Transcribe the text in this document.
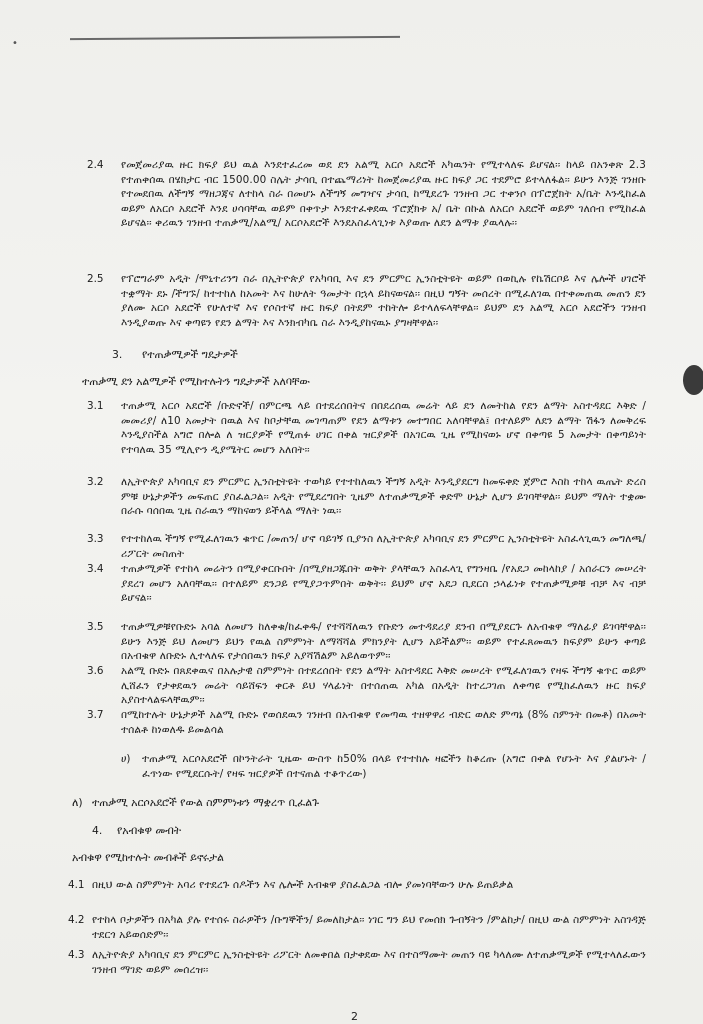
•
2.4 የመጀመሪያዉ ዙር ክፍያ ይህ ዉል እንደተፈረመ ወደ ደን አልሚ አርሶ አደሮች አካዉንት የሚተላለፍ ይሆናል፡፡ ከላይ በአንቀጽ 2.3 የተጠቀሰዉ በሄክታር ብር 1500.00 ስሌት ታሳቢ በተጨማሪነት ከመጀመሪያዉ ዙር ክፍያ ጋር ተደምሮ ይተላለፋል፡፡ ይሁን እንጅ ገንዘቡ የተመደበዉ ለችግኝ ማዘጋጃና ለተከላ ስራ በመሆኑ ለችግኝ መግዣና ታሳቢ ከሚደረጉ ገንዘብ ጋር ተቀንሶ በፕሮጀክት አ/ቤት እንዲከፈል ወይም ለአርሶ አደሮች እንደ ሀሳባቸዉ ወይም በቀጥታ እንደተፈቀደዉ ፕሮጀክቱ አ/ ቤት በኩል ለአርሶ አደሮች ወይም ገለሰብ የሚከፈል ይሆናል፡፡ ቀሪዉን ገንዘብ ተጠቃሚ/አልሚ/ አርሶአደሮች እንደአስፈላጊነቱ እያወጡ ለደን ልማቱ ያዉላሉ፡፡

2.5 የፕሮግራም አዲት /ሞኒተሪንግ ስራ በኢትዮጵያ የአካባቢ እና ደን ምርምር ኢንስቲትዩት ወይም በወኪሉ የኬሽርቦይ እና ሌሎች ሀገሮች ተቋማት ደኑ /ችግኙ/ ከተተከለ ከአመት እና ከሁለት ዓመታት በኋላ ይከናወናል፡፡ በዚህ ግኝት መሰረት በሚፈለገዉ በተቀመጠዉ መጠን ደን ያለሙ አርሶ አደሮች የሁለተኛ እና የሶስተኛ ዙር ክፍያ በትደም ተከትሎ ይተላለፍላቸዋል፡፡ ይህም ደን አልሚ አርሶ አደሮችን ገንዘብ እንዲያወጡ እና ቀጣዩን የደን ልማት እና እንክብካቤ ስራ እንዲያከናዉኑ ያግዛቸዋል፡፡

3. የተጠቃሚዎች ግዴታዎች
ተጠቃሚ ደን አልሚዎች የሚከተሉትን ግዴታዎች አለባቸው
3.1 ተጠቃሚ አርሶ አደሮች /ቡድኖች/ በምርጫ ላይ በተደረሰበትና በበደረሰዉ መሬት ላይ ደን ለመትከል የደን ልማት አስተዳደር እቅድ /መመሪያ/ ለ10 አመታት በዉል እና ከቦታቸዉ መገጣጠም የደን ልማቱን መተግበር አለባቸዋል፤ በተለይም ለደን ልማት ሽፋን ለመቅረፍ እንዲያስችል አግሮ በሎል ለ ዝርያዎች የሚጠፉ ሀገር በቀል ዝርያዎች በአገርዉ ጊዜ የሚከናወኑ ሆኖ በቀጣዩ 5 አመታት በቀጣይነት የተባለዉ 35 ሚሊዮን ዲያሜትር መሆን አለበት፡፡

3.2 ለኢትዮጵያ አካባቢና ደን ምርምር ኢንስቲትዩት ተወካይ የተተከለዉን ችግኝ አዲት እንዲያደርግ ከመፍቀድ ጀምሮ እስከ ተከላ ዉጤት ድረስ ምቹ ሁኔታዎችን መፍጠር ያስፈልጋል፡፡ አዲት የሚደረግበት ጊዜም ለተጠቃሚዎች ቀድሞ ሁኔታ ሊሆን ይገባቸዋል፡፡ ይህም ማለት ተቋሙ በራሱ ባሰበዉ ጊዜ ስራዉን ማከናወን ይችላል ማለት ነዉ፡፡

3.3 የተተከለዉ ችግኝ የሚፈለገዉን ቁጥር /መጠን/ ሆኖ ባይገኝ ቢያንስ ለኢትዮጵያ አካባቢና ደን ምርምር ኢንስቲትዩት አስፈላጊዉን መግለጫ/ሪፖርት መስጠት

3.4 ተጠቃሚዎች የተከላ መሬትን በሚያቀርቡበት /በሚያዘጋጁበት ወቅት ያላቸዉን አስፈላጊ የግንዛቤ /የአደጋ መከላከያ / አሰራርን መሠረት ያደረገ መሆን አለባቸዉ፡፡ በተለይም ደንጋይ የሚያጋጥምበት ወቅት፡፡ ይህም ሆኖ አደጋ ቢደርስ ኃላፊነቱ የተጠቃሚዎቹ ብቻ እና ብቻ ይሆናል፡፡

3.5 ተጠቃሚዎቹየቡድኑ አባል ለመሆን ከለቀቁ/ከፈቀዱ/ የተሻሻለዉን የቡድን መተዳደሪያ ደንብ በሚያደርጉ ለአብቁዋ ማለፊያ ይገባቸዋል፡፡ ይሁን እንጅ ይህ ለመሆን ይህን የዉል ስምምነት ለማሻሻል ምክንያት ሊሆን አይችልም፡፡ ወይም የተፈጸመዉን ክፍያም ይሁን ቀጣይ በአብቁዋ ለቡድኑ ሊተላለፍ የታሰበዉን ክፍያ አያሻሽልም አይለወጥም፡፡

3.6 አልሚ ቡድኑ በጸደቀዉና በአሉታዊ ስምምነት በተደረሰበት የደን ልማት አስተዳደር እቅድ መሠረት የሚፈለገዉን የዛፍ ችግኝ ቁጥር ወይም ሊሸፈን የታቀደዉን መሬት ሳይሸፍን ቀርቶ ይህ ሃላፊነት በተሰጠዉ አካል በአዲት ከተረጋገጠ ለቀጣዩ የሚከፈለዉን ዙር ክፍያ አያስተላልፍላቸዉም፡፡

3.7 በሚከተሉት ሁኔታዎች አልሚ ቡድኑ የወሰደዉን ገንዘብ በአብቁዋ የመጣዉ ተዘዋዋሪ ብድር ወለድ ምጣኔ (8% ስምንት በመቶ) በአመት ተሰልቶ ከነወለዱ ይመልሳል

ሀ) ተጠቃሚ አርሶአደሮች በኮንትራት ጊዜው ውስጥ ከ50% በላይ የተተከሉ ዛፎችን ከቆረጡ (አግሮ በቀል የሆኑት እና ያልሆኑት /ፈጥነው የሚደርሱት/ የዛፍ ዝርያዎች በተናጠል ተቆጥረው)

ለ) ተጠቃሚ አርሶአደሮች የውል ስምምነቱን ማቋረጥ ቢፈልጉ
4. የአብቁዋ መብት
አብቁዋ የሚከተሉት መብቶች ይኖሩታል
4.1 በዚህ ውል ስምምነት አባሪ የተደረጉ ሰዶችን እና ሌሎች አብቁዋ ያስፈልጋል ብሎ ያመነባቸውን ሁሉ ይጠይቃል

4.2 የተከላ ቦታዎችን በአካል ያሉ የተሰሩ ስራዎችን /ቡግኞችን/ ይመለከታል፡፡ ነገር ግን ይህ የመሰክ ጉብኝትን /ምልከታ/ በዚህ ውል ስምምነት አስገዳጅ ተደርጎ አይወሰድም፡፡

4.3 ለኢትዮጵያ አካባቢና ደን ምርምር ኢንስቲትዩት ሪፖርት ለመቀበል በታቀደው እና በተስማሙት መጠን ባዩ ካላለሙ ለተጠቃሚዎች የሚተላለፈውን ገንዘብ ማገድ ወይም መሰረዝ፡፡

2
